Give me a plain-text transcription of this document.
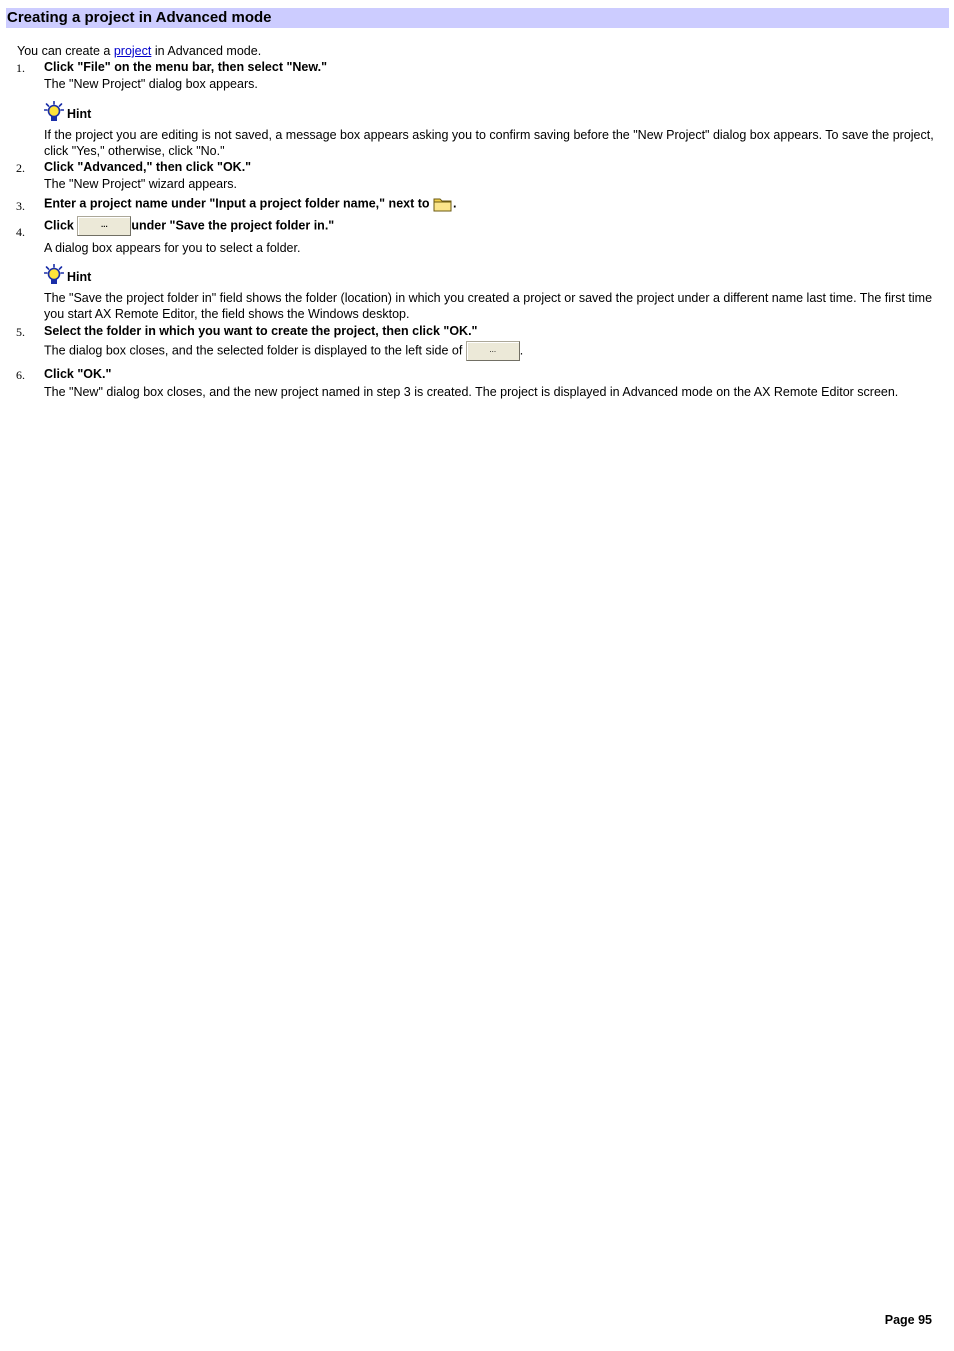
Creating a project in Advanced mode
You can create a project in Advanced mode.
1. Click "File" on the menu bar, then select "New."
The "New Project" dialog box appears.
Hint
If the project you are editing is not saved, a message box appears asking you to confirm saving before the "New Project" dialog box appears. To save the project, click "Yes," otherwise, click "No."
2. Click "Advanced," then click "OK."
The "New Project" wizard appears.
3. Enter a project name under "Input a project folder name," next to .
4. Click	... under "Save the project folder in."
A dialog box appears for you to select a folder.
Hint
The "Save the project folder in" field shows the folder (location) in which you created a project or saved the project under a different name last time. The first time you start AX Remote Editor, the field shows the Windows desktop.
5. Select the folder in which you want to create the project, then click "OK."
The dialog box closes, and the selected folder is displayed to the left side of	... .
6. Click "OK."
The "New" dialog box closes, and the new project named in step 3 is created. The project is displayed in Advanced mode on the AX Remote Editor screen.
Page 95
